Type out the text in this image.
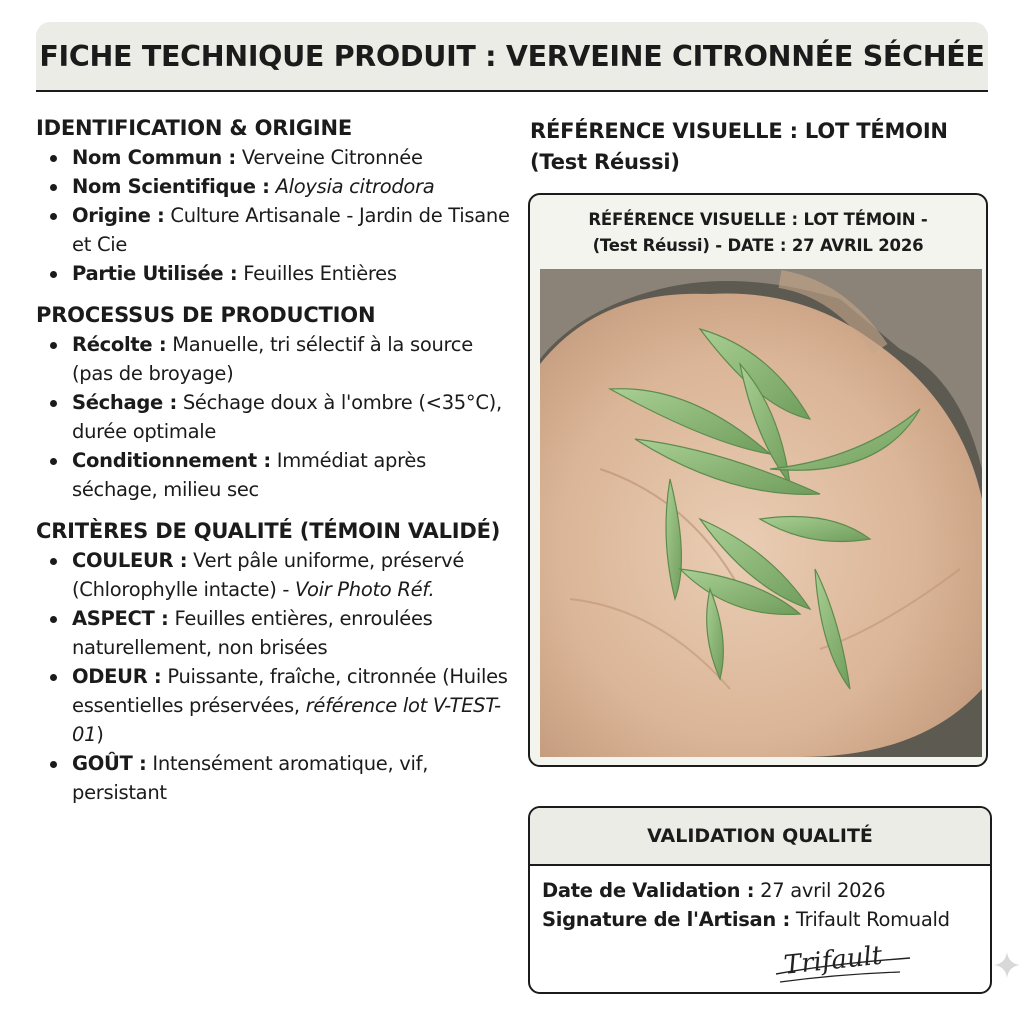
FICHE TECHNIQUE PRODUIT : VERVEINE CITRONNÉE SÉCHÉE
IDENTIFICATION & ORIGINE
Nom Commun : Verveine Citronnée
Nom Scientifique : Aloysia citrodora
Origine : Culture Artisanale - Jardin de Tisane et Cie
Partie Utilisée : Feuilles Entières
PROCESSUS DE PRODUCTION
Récolte : Manuelle, tri sélectif à la source (pas de broyage)
Séchage : Séchage doux à l'ombre (<35°C), durée optimale
Conditionnement : Immédiat après séchage, milieu sec
CRITÈRES DE QUALITÉ (TÉMOIN VALIDÉ)
COULEUR : Vert pâle uniforme, préservé (Chlorophylle intacte) - Voir Photo Réf.
ASPECT : Feuilles entières, enroulées naturellement, non brisées
ODEUR : Puissante, fraîche, citronnée (Huiles essentielles préservées, référence lot V-TEST-01)
GOÛT : Intensément aromatique, vif, persistant
RÉFÉRENCE VISUELLE : LOT TÉMOIN
(Test Réussi)
RÉFÉRENCE VISUELLE : LOT TÉMOIN -
(Test Réussi) - DATE : 27 AVRIL 2026
VALIDATION QUALITÉ
Date de Validation : 27 avril 2026
Signature de l'Artisan : Trifault Romuald
Trifault
